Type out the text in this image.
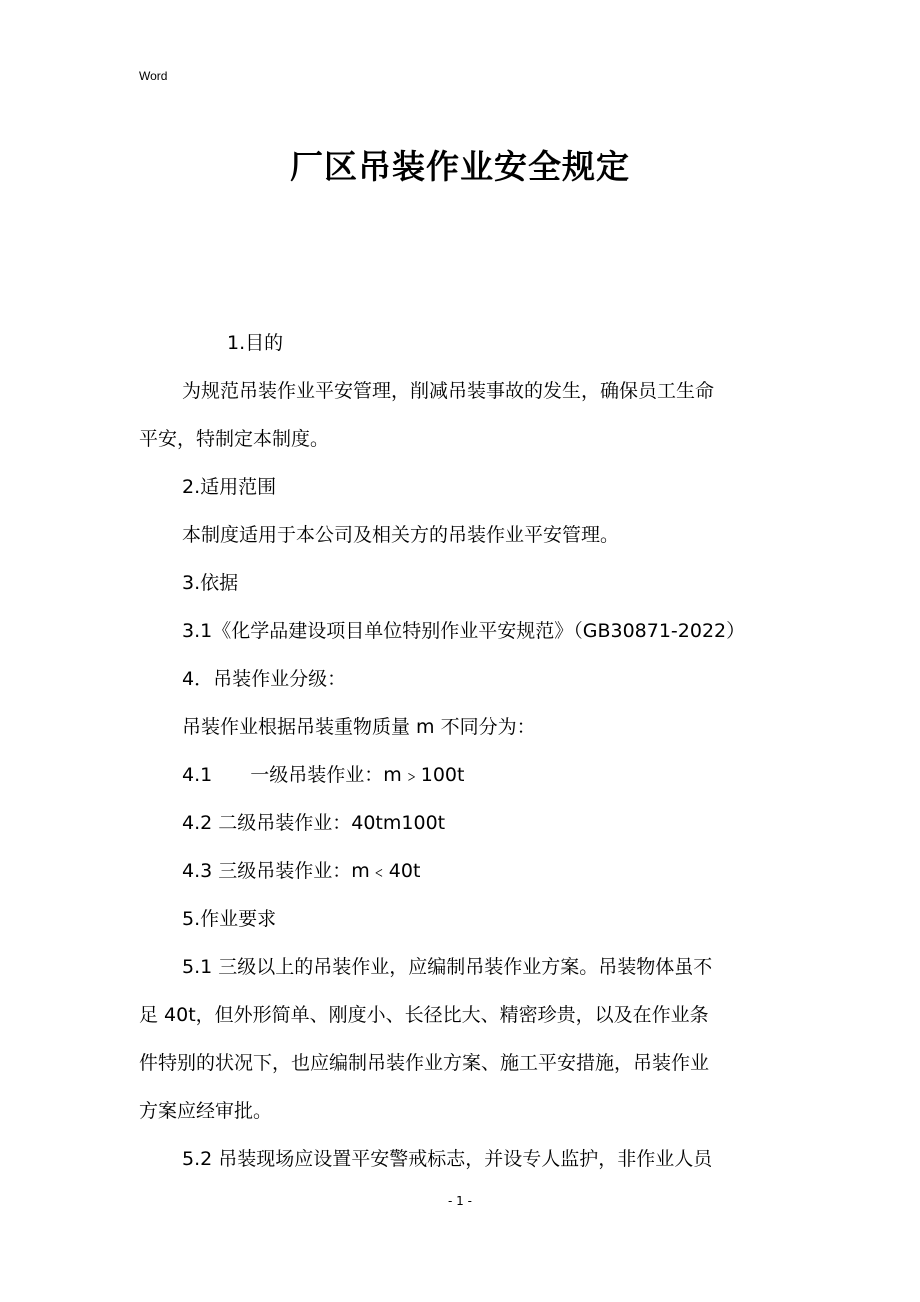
Word
厂区吊装作业安全规定
1.目的
为规范吊装作业平安管理，削减吊装事故的发生，确保员工生命
平安，特制定本制度。
2.适用范围
本制度适用于本公司及相关方的吊装作业平安管理。
3.依据
3.1《化学品建设项目单位特别作业平安规范》（GB30871-2022）
4．吊装作业分级：
吊装作业根据吊装重物质量 m 不同分为：
4.1　　一级吊装作业：m﹥100t
4.2 二级吊装作业：40tm100t
4.3 三级吊装作业：m﹤40t
5.作业要求
5.1 三级以上的吊装作业，应编制吊装作业方案。吊装物体虽不
足 40t，但外形简单、刚度小、长径比大、精密珍贵，以及在作业条
件特别的状况下，也应编制吊装作业方案、施工平安措施，吊装作业
方案应经审批。
5.2 吊装现场应设置平安警戒标志，并设专人监护，非作业人员
- 1 -
